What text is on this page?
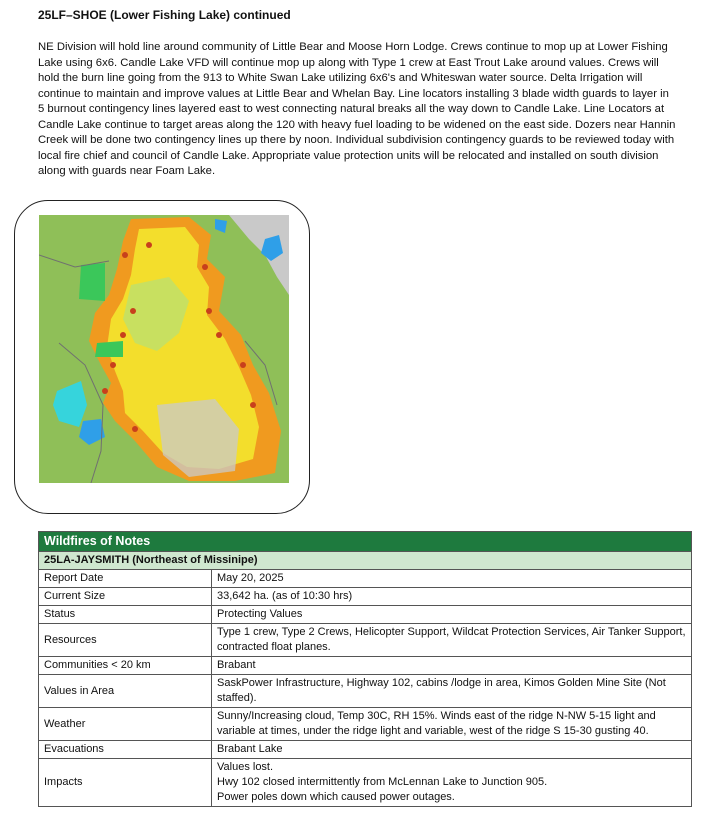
25LF–SHOE (Lower Fishing Lake) continued

NE Division will hold line around community of Little Bear and Moose Horn Lodge. Crews continue to mop up at Lower Fishing Lake using 6x6. Candle Lake VFD will continue mop up along with Type 1 crew at East Trout Lake around values. Crews will hold the burn line going from the 913 to White Swan Lake utilizing 6x6's and Whiteswan water source. Delta Irrigation will continue to maintain and improve values at Little Bear and Whelan Bay. Line locators installing 3 blade width guards to layer in 5 burnout contingency lines layered east to west connecting natural breaks all the way down to Candle Lake. Line Locators at Candle Lake continue to target areas along the 120 with heavy fuel loading to be widened on the east side. Dozers near Hannin Creek will be done two contingency lines up there by noon. Individual subdivision contingency guards to be reviewed today with local fire chief and council of Candle Lake. Appropriate value protection units will be relocated and installed on south division along with guards near Foam Lake.

Wildfires of Notes	
25LA-JAYSMITH (Northeast of Missinipe)	
Report Date	May 20, 2025
Current Size	33,642 ha. (as of 10:30 hrs)
Status	Protecting Values
Resources	Type 1 crew, Type 2 Crews, Helicopter Support, Wildcat Protection Services, Air Tanker Support, contracted float planes.
Communities < 20 km	Brabant
Values in Area	SaskPower Infrastructure, Highway 102, cabins /lodge in area, Kimos Golden Mine Site (Not staffed).
Weather	Sunny/Increasing cloud, Temp 30C, RH 15%. Winds east of the ridge N-NW 5-15 light and variable at times, under the ridge light and variable, west of the ridge S 15-30 gusting 40.
Evacuations	Brabant Lake
Impacts	Values lost.
Hwy 102 closed intermittently from McLennan Lake to Junction 905.
Power poles down which caused power outages.
